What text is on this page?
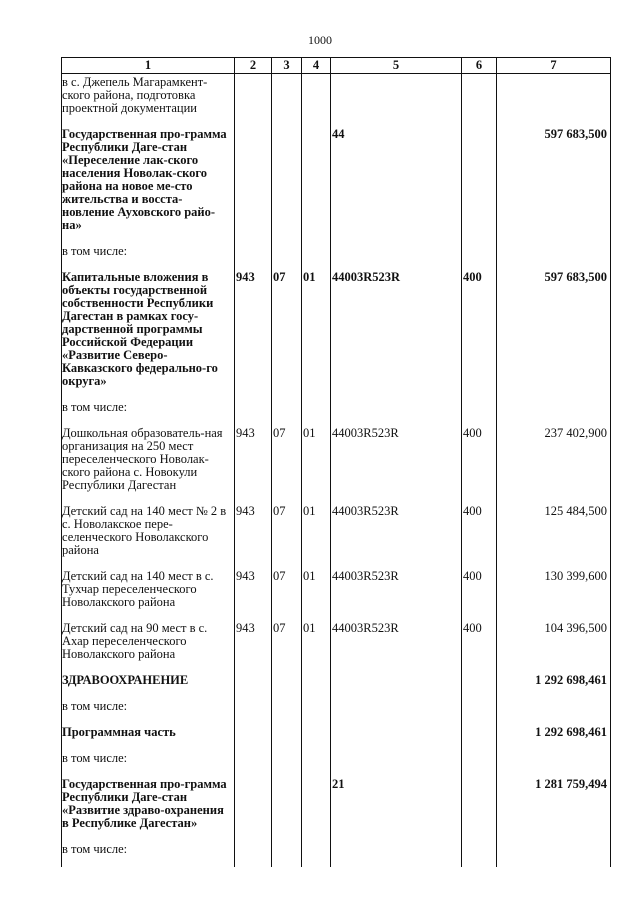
1000
1	2	3	4	5	6	7
в с. Джепель Магарамкент-ского района, подготовка проектной документации						
Государственная про-грамма Республики Даге-стан «Переселение лак-ского населения Новолак-ского района на новое ме-сто жительства и восста-новление Ауховского райо-на»				44		597 683,500
в том числе:						
Капитальные вложения в объекты государственной собственности Республики Дагестан в рамках госу-дарственной программы Российской Федерации «Развитие Северо-Кавказского федерально-го округа»	943	07	01	44003R523R	400	597 683,500
в том числе:						
Дошкольная образователь-ная организация на 250 мест переселенческого Новолак-ского района с. Новокули Республики Дагестан	943	07	01	44003R523R	400	237 402,900
Детский сад на 140 мест № 2 в с. Новолакское пере-селенческого Новолакского района	943	07	01	44003R523R	400	125 484,500
Детский сад на 140 мест в с. Тухчар переселенческого Новолакского района	943	07	01	44003R523R	400	130 399,600
Детский сад на 90 мест в с. Ахар переселенческого Новолакского района	943	07	01	44003R523R	400	104 396,500
ЗДРАВООХРАНЕНИЕ						1 292 698,461
в том числе:						
Программная часть						1 292 698,461
в том числе:						
Государственная про-грамма Республики Даге-стан «Развитие здраво-охранения в Республике Дагестан»				21		1 281 759,494
в том числе:						
